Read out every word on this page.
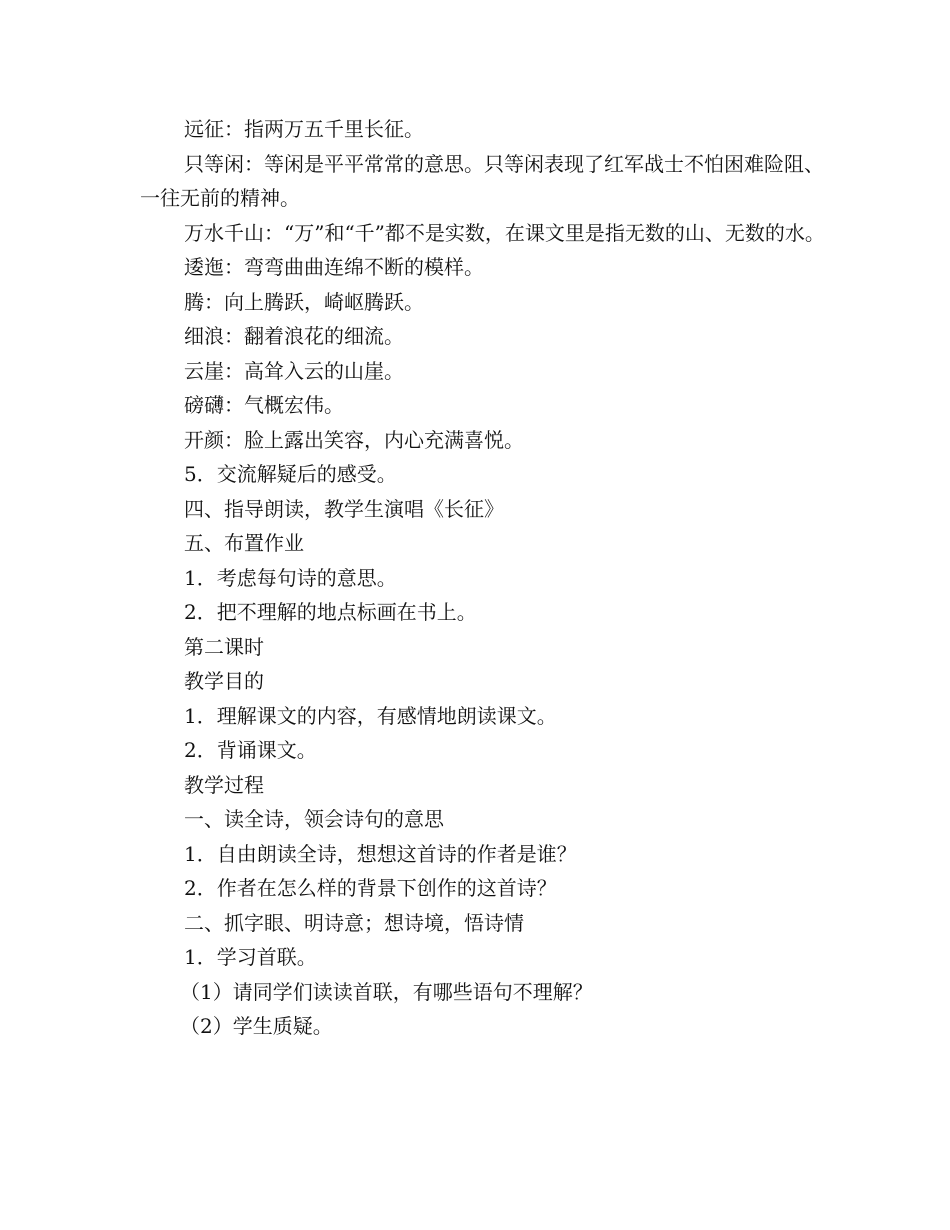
远征：指两万五千里长征。

只等闲：等闲是平平常常的意思。只等闲表现了红军战士不怕困难险阻、一往无前的精神。

万水千山：“万”和“千”都不是实数，在课文里是指无数的山、无数的水。

逶迤：弯弯曲曲连绵不断的模样。

腾：向上腾跃，崎岖腾跃。

细浪：翻着浪花的细流。

云崖：高耸入云的山崖。

磅礴：气概宏伟。

开颜：脸上露出笑容，内心充满喜悦。

5．交流解疑后的感受。

四、指导朗读，教学生演唱《长征》

五、布置作业

1．考虑每句诗的意思。

2．把不理解的地点标画在书上。

第二课时

教学目的

1．理解课文的内容，有感情地朗读课文。

2．背诵课文。

教学过程

一、读全诗，领会诗句的意思

1．自由朗读全诗，想想这首诗的作者是谁？

2．作者在怎么样的背景下创作的这首诗？

二、抓字眼、明诗意；想诗境，悟诗情

1．学习首联。

（1）请同学们读读首联，有哪些语句不理解？

（2）学生质疑。
